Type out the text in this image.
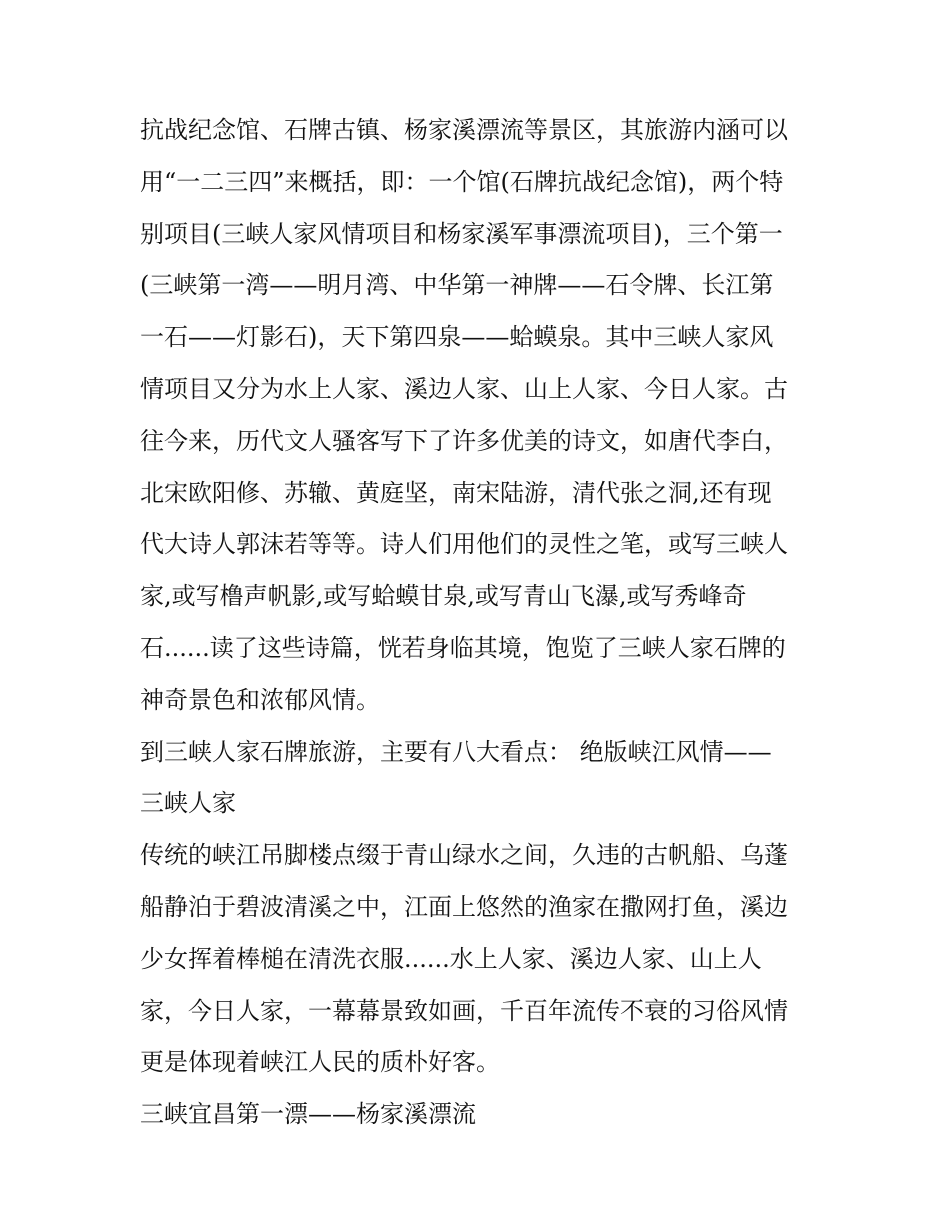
抗战纪念馆、石牌古镇、杨家溪漂流等景区，其旅游内涵可以
用“一二三四”来概括，即：一个馆(石牌抗战纪念馆)，两个特
别项目(三峡人家风情项目和杨家溪军事漂流项目)，三个第一
(三峡第一湾——明月湾、中华第一神牌——石令牌、长江第
一石——灯影石)，天下第四泉——蛤蟆泉。其中三峡人家风
情项目又分为水上人家、溪边人家、山上人家、今日人家。古
往今来，历代文人骚客写下了许多优美的诗文，如唐代李白，
北宋欧阳修、苏辙、黄庭坚，南宋陆游，清代张之洞,还有现
代大诗人郭沫若等等。诗人们用他们的灵性之笔，或写三峡人
家,或写橹声帆影,或写蛤蟆甘泉,或写青山飞瀑,或写秀峰奇
石......读了这些诗篇，恍若身临其境，饱览了三峡人家石牌的
神奇景色和浓郁风情。
到三峡人家石牌旅游，主要有八大看点： 绝版峡江风情——
三峡人家
传统的峡江吊脚楼点缀于青山绿水之间，久违的古帆船、乌蓬
船静泊于碧波清溪之中，江面上悠然的渔家在撒网打鱼，溪边
少女挥着棒槌在清洗衣服......水上人家、溪边人家、山上人
家，今日人家，一幕幕景致如画，千百年流传不衰的习俗风情
更是体现着峡江人民的质朴好客。
三峡宜昌第一漂——杨家溪漂流
